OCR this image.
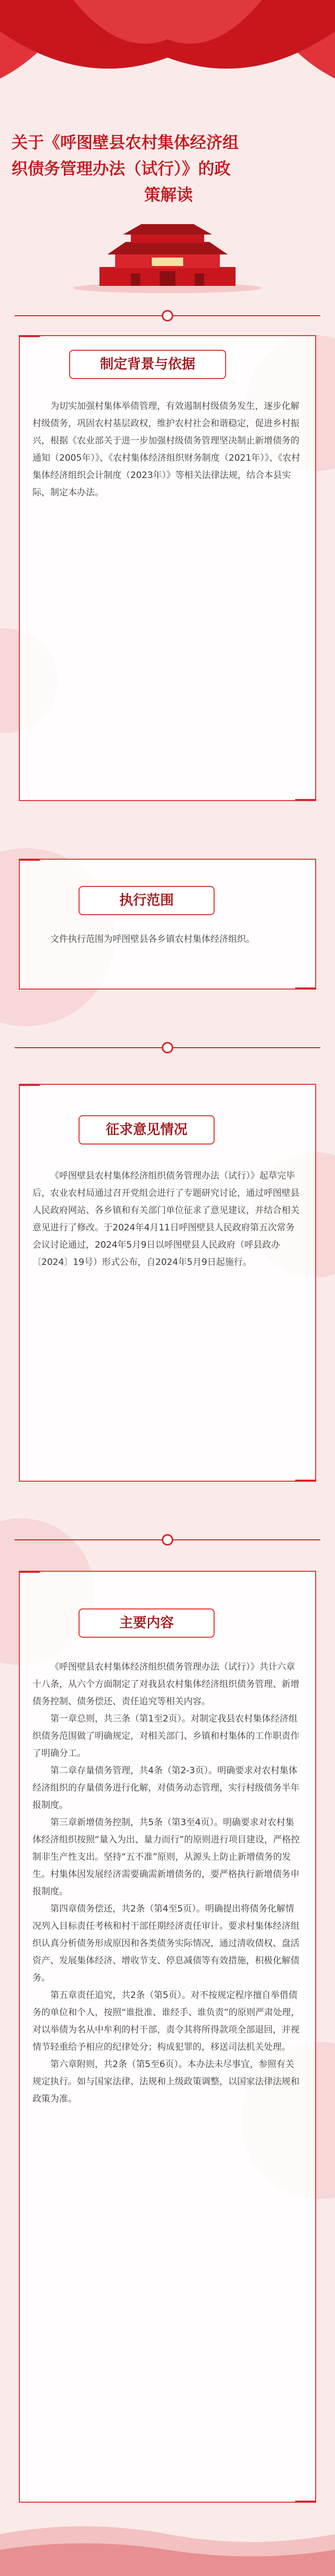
关于《呼图壁县农村集体经济组
织债务管理办法（试行）》的政
策解读
制定背景与依据

为切实加强村集体举债管理，有效遏制村级债务发生，逐步化解村级债务，巩固农村基层政权，维护农村社会和谐稳定，促进乡村振兴，根据《农业部关于进一步加强村级债务管理坚决制止新增债务的通知（2005年）》、《农村集体经济组织财务制度（2021年）》、《农村集体经济组织会计制度（2023年）》等相关法律法规，结合本县实际，制定本办法。

执行范围

文件执行范围为呼图壁县各乡镇农村集体经济组织。

征求意见情况

《呼图壁县农村集体经济组织债务管理办法（试行）》起草完毕后，农业农村局通过召开党组会进行了专题研究讨论，通过呼图壁县人民政府网站、各乡镇和有关部门单位征求了意见建议，并结合相关意见进行了修改。于2024年4月11日呼图壁县人民政府第五次常务会议讨论通过，2024年5月9日以呼图壁县人民政府（呼县政办〔2024〕19号）形式公布，自2024年5月9日起施行。

主要内容

《呼图壁县农村集体经济组织债务管理办法（试行）》共计六章十八条，从六个方面制定了对我县农村集体经济组织债务管理、新增债务控制、债务偿还、责任追究等相关内容。

第一章总则，共三条（第1至2页）。对制定我县农村集体经济组织债务范围做了明确规定，对相关部门、乡镇和村集体的工作职责作了明确分工。

第二章存量债务管理，共4条（第2-3页）。明确要求对农村集体经济组织的存量债务进行化解，对债务动态管理，实行村级债务半年报制度。

第三章新增债务控制，共5条（第3至4页）。明确要求对农村集体经济组织按照“量入为出、量力而行”的原则进行项目建设，严格控制非生产性支出。坚持“五不准”原则，从源头上防止新增债务的发生。村集体因发展经济需要确需新增债务的，要严格执行新增债务申报制度。

第四章债务偿还，共2条（第4至5页）。明确提出将债务化解情况列入目标责任考核和村干部任期经济责任审计。要求村集体经济组织认真分析债务形成原因和各类债务实际情况，通过清收债权、盘活资产、发展集体经济、增收节支、停息减债等有效措施，积极化解债务。

第五章责任追究，共2条（第5页）。对不按规定程序擅自举借债务的单位和个人，按照“谁批准、谁经手、谁负责”的原则严肃处理，对以举债为名从中牟利的村干部，责令其将所得款项全部退回，并视情节轻重给予相应的纪律处分；构成犯罪的，移送司法机关处理。

第六章附则，共2条（第5至6页）。本办法未尽事宜，参照有关规定执行。如与国家法律、法规和上级政策调整，以国家法律法规和政策为准。
